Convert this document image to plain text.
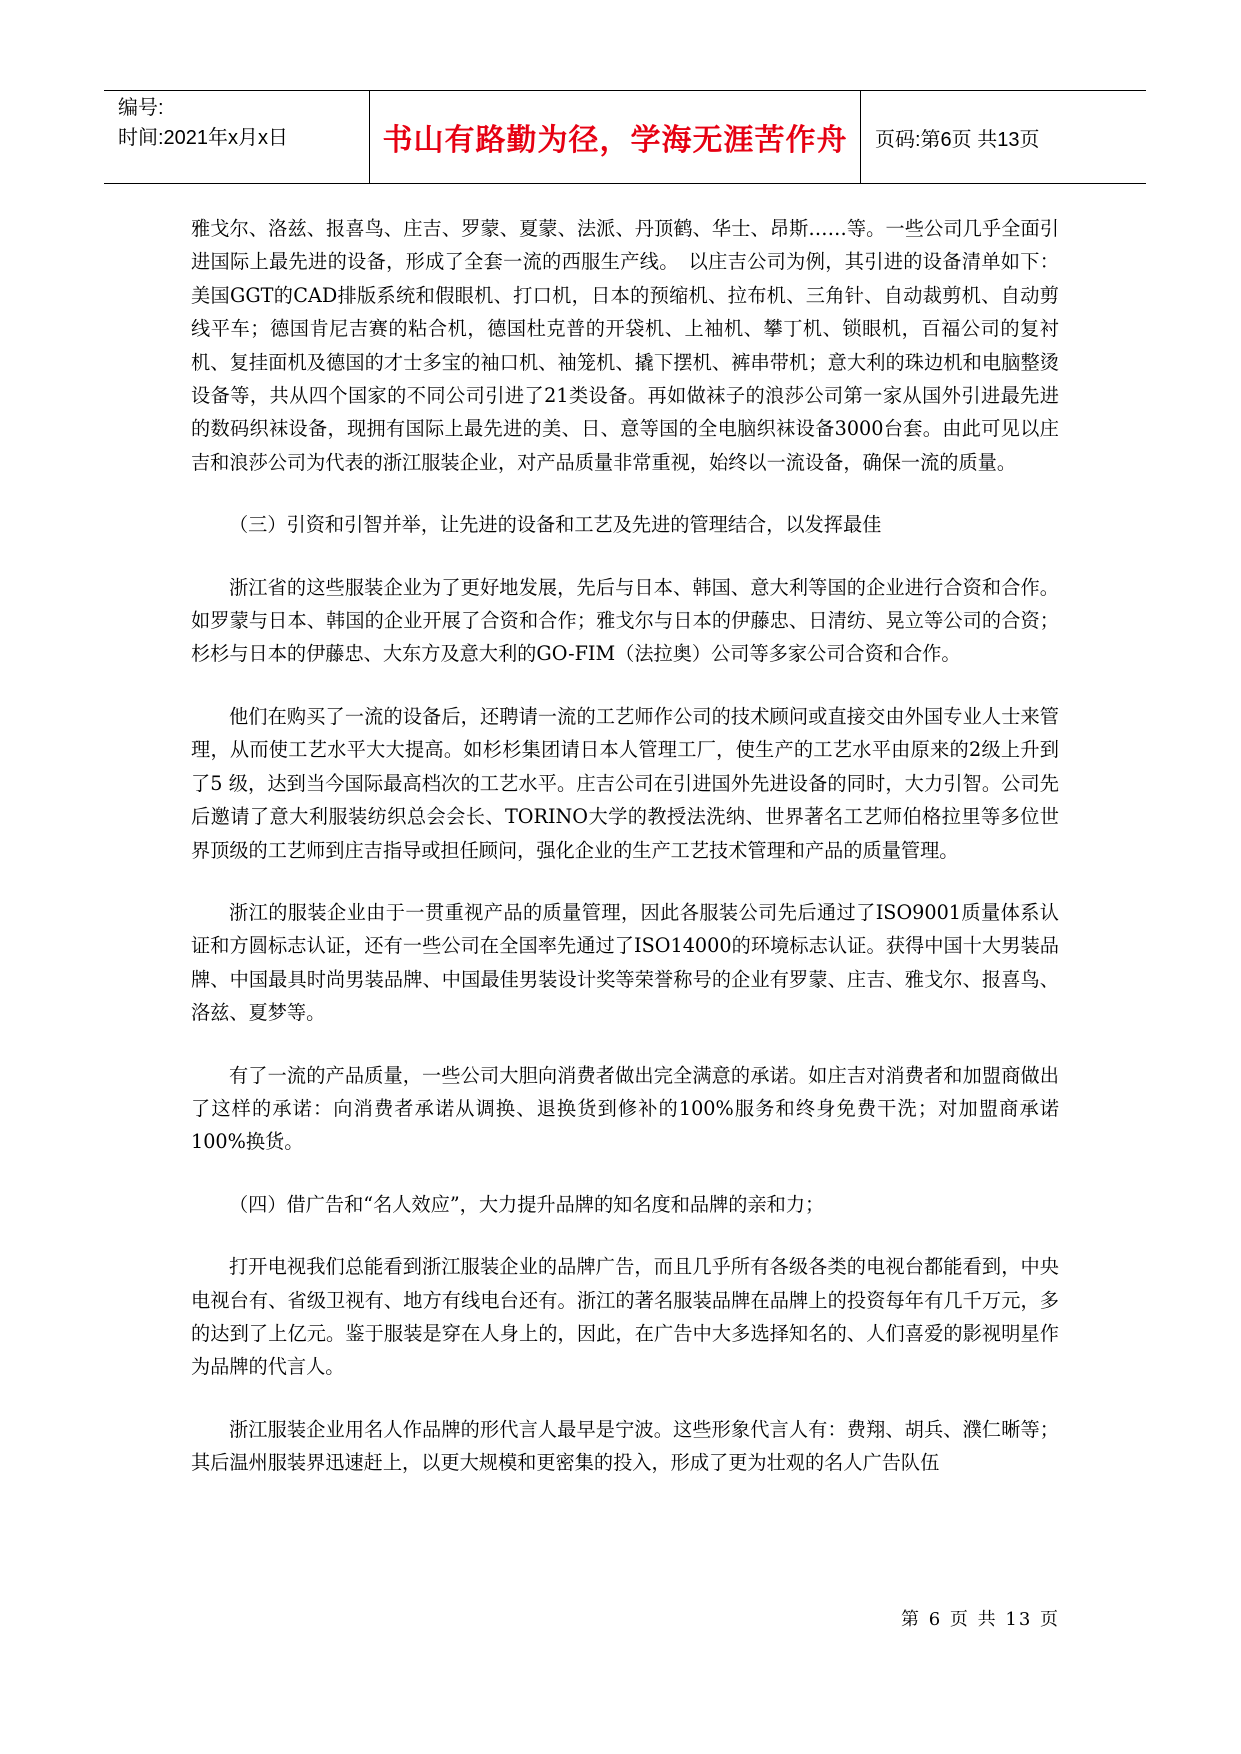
编号:
时间:2021年x月x日	书山有路勤为径，学海无涯苦作舟	页码:第6页 共13页

雅戈尔、洛兹、报喜鸟、庄吉、罗蒙、夏蒙、法派、丹顶鹤、华士、昂斯……等。一些公司几乎全面引进国际上最先进的设备，形成了全套一流的西服生产线。　以庄吉公司为例，其引进的设备清单如下：美国GGT的CAD排版系统和假眼机、打口机，日本的预缩机、拉布机、三角针、自动裁剪机、自动剪线平车；德国肯尼吉赛的粘合机，德国杜克普的开袋机、上袖机、攀丁机、锁眼机，百福公司的复衬机、复挂面机及德国的才士多宝的袖口机、袖笼机、撬下摆机、裤串带机；意大利的珠边机和电脑整烫设备等，共从四个国家的不同公司引进了21类设备。再如做袜子的浪莎公司第一家从国外引进最先进的数码织袜设备，现拥有国际上最先进的美、日、意等国的全电脑织袜设备3000台套。由此可见以庄吉和浪莎公司为代表的浙江服装企业，对产品质量非常重视，始终以一流设备，确保一流的质量。

（三）引资和引智并举，让先进的设备和工艺及先进的管理结合，以发挥最佳

浙江省的这些服装企业为了更好地发展，先后与日本、韩国、意大利等国的企业进行合资和合作。如罗蒙与日本、韩国的企业开展了合资和合作；雅戈尔与日本的伊藤忠、日清纺、晃立等公司的合资；杉杉与日本的伊藤忠、大东方及意大利的GO-FIM（法拉奥）公司等多家公司合资和合作。

他们在购买了一流的设备后，还聘请一流的工艺师作公司的技术顾问或直接交由外国专业人士来管理，从而使工艺水平大大提高。如杉杉集团请日本人管理工厂，使生产的工艺水平由原来的2级上升到了5 级，达到当今国际最高档次的工艺水平。庄吉公司在引进国外先进设备的同时，大力引智。公司先后邀请了意大利服装纺织总会会长、TORINO大学的教授法洗纳、世界著名工艺师伯格拉里等多位世界顶级的工艺师到庄吉指导或担任顾问，强化企业的生产工艺技术管理和产品的质量管理。

浙江的服装企业由于一贯重视产品的质量管理，因此各服装公司先后通过了ISO9001质量体系认证和方圆标志认证，还有一些公司在全国率先通过了ISO14000的环境标志认证。获得中国十大男装品牌、中国最具时尚男装品牌、中国最佳男装设计奖等荣誉称号的企业有罗蒙、庄吉、雅戈尔、报喜鸟、洛兹、夏梦等。

有了一流的产品质量，一些公司大胆向消费者做出完全满意的承诺。如庄吉对消费者和加盟商做出了这样的承诺：向消费者承诺从调换、退换货到修补的100%服务和终身免费干洗；对加盟商承诺100%换货。

（四）借广告和“名人效应”，大力提升品牌的知名度和品牌的亲和力；

打开电视我们总能看到浙江服装企业的品牌广告，而且几乎所有各级各类的电视台都能看到，中央电视台有、省级卫视有、地方有线电台还有。浙江的著名服装品牌在品牌上的投资每年有几千万元，多的达到了上亿元。鉴于服装是穿在人身上的，因此，在广告中大多选择知名的、人们喜爱的影视明星作为品牌的代言人。

浙江服装企业用名人作品牌的形代言人最早是宁波。这些形象代言人有：费翔、胡兵、濮仁晰等；其后温州服装界迅速赶上，以更大规模和更密集的投入，形成了更为壮观的名人广告队伍

第 6 页 共 13 页
